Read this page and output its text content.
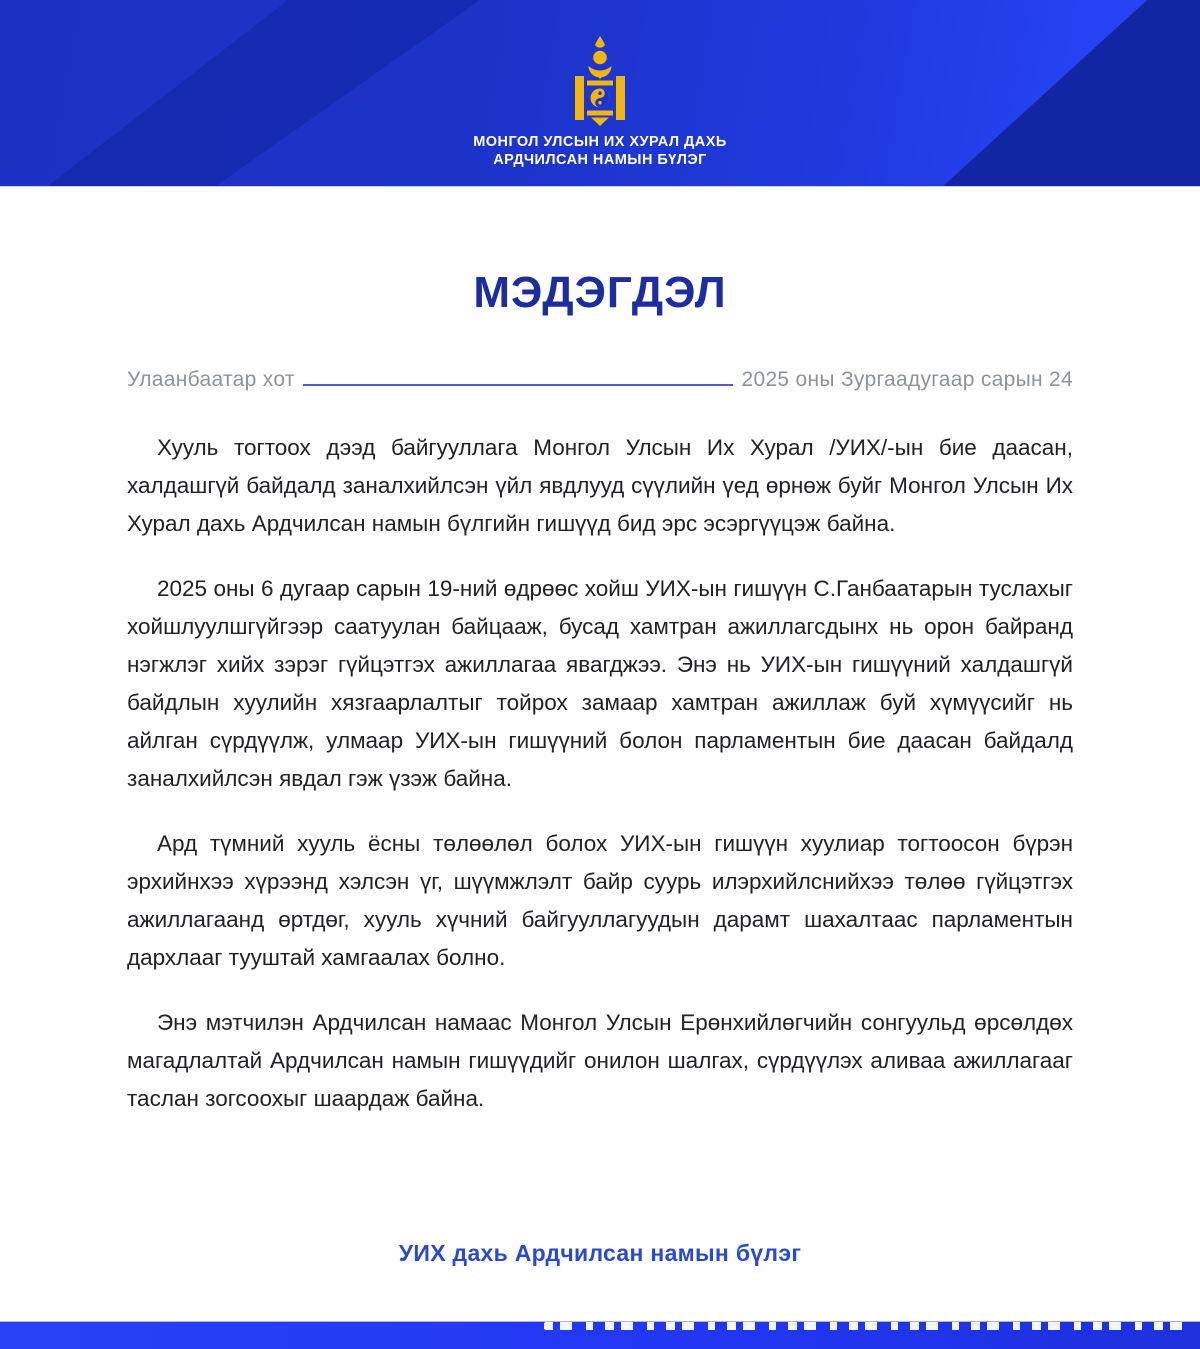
МОНГОЛ УЛСЫН ИХ ХУРАЛ ДАХЬ
АРДЧИЛСАН НАМЫН БҮЛЭГ
МЭДЭГДЭЛ
Улаанбаатар хот	2025 оны Зургаадугаар сарын 24

Хууль тогтоох дээд байгууллага Монгол Улсын Их Хурал /УИХ/-ын бие даасан, халдашгүй байдалд заналхийлсэн үйл явдлууд сүүлийн үед өрнөж буйг Монгол Улсын Их Хурал дахь Ардчилсан намын бүлгийн гишүүд бид эрс эсэргүүцэж байна.

2025 оны 6 дугаар сарын 19-ний өдрөөс хойш УИХ-ын гишүүн С.Ганбаатарын туслахыг хойшлуулшгүйгээр саатуулан байцааж, бусад хамтран ажиллагсдынх нь орон байранд нэгжлэг хийх зэрэг гүйцэтгэх ажиллагаа явагджээ. Энэ нь УИХ-ын гишүүний халдашгүй байдлын хуулийн хязгаарлалтыг тойрох замаар хамтран ажиллаж буй хүмүүсийг нь айлган сүрдүүлж, улмаар УИХ-ын гишүүний болон парламентын бие даасан байдалд заналхийлсэн явдал гэж үзэж байна.

Ард түмний хууль ёсны төлөөлөл болох УИХ-ын гишүүн хуулиар тогтоосон бүрэн эрхийнхээ хүрээнд хэлсэн үг, шүүмжлэлт байр суурь илэрхийлснийхээ төлөө гүйцэтгэх ажиллагаанд өртдөг, хууль хүчний байгууллагуудын дарамт шахалтаас парламентын дархлааг тууштай хамгаалах болно.

Энэ мэтчилэн Ардчилсан намаас Монгол Улсын Ерөнхийлөгчийн сонгуульд өрсөлдөх магадлалтай Ардчилсан намын гишүүдийг онилон шалгах, сүрдүүлэх аливаа ажиллагааг таслан зогсоохыг шаардаж байна.

УИХ дахь Ардчилсан намын бүлэг
